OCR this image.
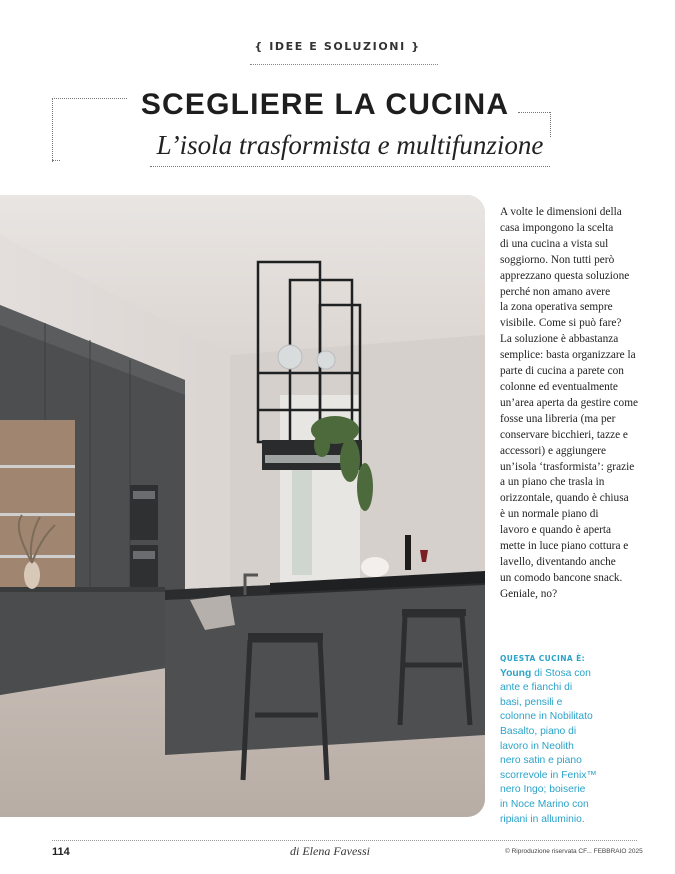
{ IDEE E SOLUZIONI }
SCEGLIERE LA CUCINA
L’isola trasformista e multifunzione
A volte le dimensioni della
casa impongono la scelta
di una cucina a vista sul
soggiorno. Non tutti però
apprezzano questa soluzione
perché non amano avere
la zona operativa sempre
visibile. Come si può fare?
La soluzione è abbastanza
semplice: basta organizzare la
parte di cucina a parete con
colonne ed eventualmente
un’area aperta da gestire come
fosse una libreria (ma per
conservare bicchieri, tazze e
accessori) e aggiungere
un’isola ‘trasformista’: grazie
a un piano che trasla in
orizzontale, quando è chiusa
è un normale piano di
lavoro e quando è aperta
mette in luce piano cottura e
lavello, diventando anche
un comodo bancone snack.
Geniale, no?
QUESTA CUCINA È:
Young di Stosa con
ante e fianchi di
basi, pensili e
colonne in Nobilitato
Basalto, piano di
lavoro in Neolith
nero satin e piano
scorrevole in Fenix™
nero Ingo; boiserie
in Noce Marino con
ripiani in alluminio.
114	di Elena Favessi	© Riproduzione riservata CF... FEBBRAIO 2025
